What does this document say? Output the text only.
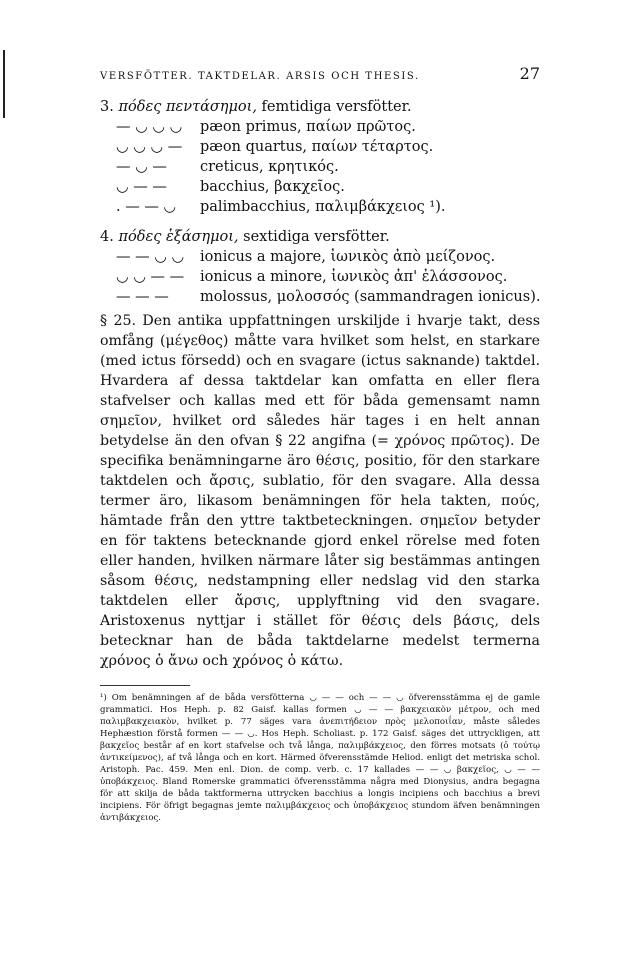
VERSFÖTTER. TAKTDELAR. ARSIS OCH THESIS.	27
3. πόδες πεντάσημοι, femtidiga versfötter.
— ◡ ◡ ◡ pæon primus, παίων πρῶτος.
◡ ◡ ◡ — pæon quartus, παίων τέταρτος.
— ◡ — creticus, κρητικός.
◡ — — bacchius, βακχεῖος.
. — — ◡ palimbacchius, παλιμβάκχειος ¹).
4. πόδες ἑξάσημοι, sextidiga versfötter.
— — ◡ ◡ ionicus a majore, ἰωνικὸς ἀπὸ μείζονος.
◡ ◡ — — ionicus a minore, ἰωνικὸς ἀπ' ἐλάσσονος.
— — — molossus, μολοσσός (sammandragen ionicus).

§ 25. Den antika uppfattningen urskiljde i hvarje takt, dess omfång (μέγεθος) måtte vara hvilket som helst, en starkare (med ictus försedd) och en svagare (ictus saknande) taktdel. Hvardera af dessa taktdelar kan omfatta en eller flera stafvelser och kallas med ett för båda gemensamt namn σημεῖον, hvilket ord således här tages i en helt annan betydelse än den ofvan § 22 angifna (= χρόνος πρῶτος). De specifika benämningarne äro θέσις, positio, för den starkare taktdelen och ἄρσις, sublatio, för den svagare. Alla dessa termer äro, likasom benämningen för hela takten, πούς, hämtade från den yttre taktbeteckningen. σημεῖον betyder en för taktens betecknande gjord enkel rörelse med foten eller handen, hvilken närmare låter sig bestämmas antingen såsom θέσις, nedstampning eller nedslag vid den starka taktdelen eller ἄρσις, upplyftning vid den svagare. Aristoxenus nyttjar i stället för θέσις dels βάσις, dels betecknar han de båda taktdelarne medelst termerna χρόνος ὁ ἄνω och χρόνος ὁ κάτω.

¹) Om benämningen af de båda versfötterna ◡ — — och — — ◡ öfverensstämma ej de gamle grammatici. Hos Heph. p. 82 Gaisf. kallas formen ◡ — — βακχειακὸν μέτρον, och med παλιμβακχειακὸν, hvilket p. 77 säges vara ἀνεπιτήδειον πρὸς μελοποιΐαν, måste således Hephæstion förstå formen — — ◡. Hos Heph. Scholiast. p. 172 Gaisf. säges det uttryckligen, att βακχεῖος består af en kort stafvelse och två långa, παλιμβάκχειος, den förres motsats (ὁ τούτῳ ἀντικείμενος), af två långa och en kort. Härmed öfverensstämde Heliod. enligt det metriska schol. Aristoph. Pac. 459. Men enl. Dion. de comp. verb. c. 17 kallades — — ◡ βακχεῖος, ◡ — — ὑποβάκχειος. Bland Romerske grammatici öfverensstämma några med Dionysius, andra begagna för att skilja de båda taktformerna uttrycken bacchius a longis incipiens och bacchius a brevi incipiens. För öfrigt begagnas jemte παλιμβάκχειος och ὑποβάκχειος stundom äfven benämningen ἀντιβάκχειος.
